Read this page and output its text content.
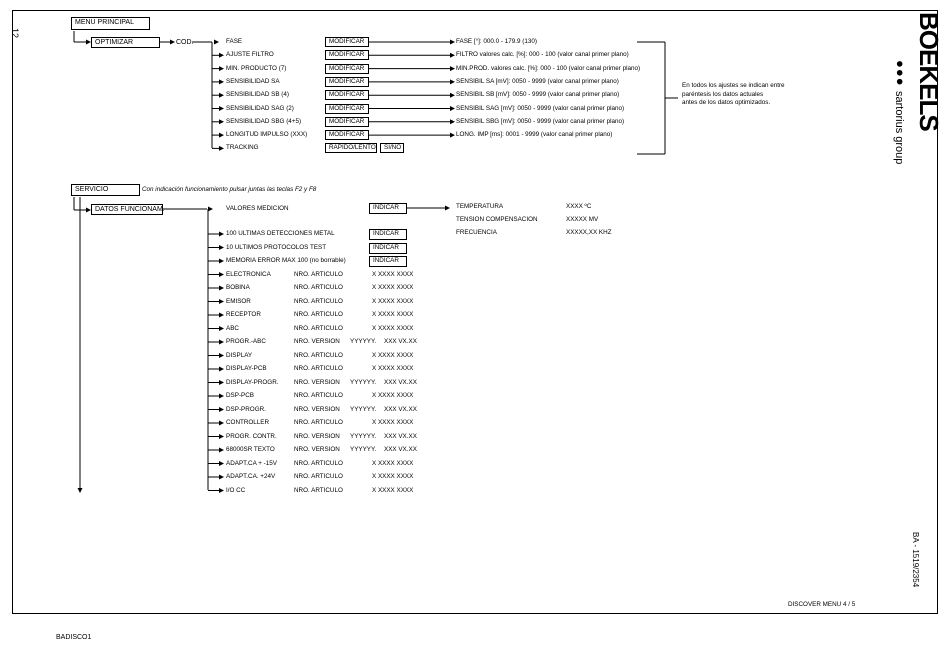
12	BOEKELS
●●● sartorius group
BA - 1519/2354
DISCOVER MENU 4 / 5
BADISCO1
MENU PRINCIPAL
OPTIMIZAR	COD.	FASE	MODIFICAR	FASE [°]: 000.0 - 179.9 (130)
AJUSTE FILTRO	MODIFICAR	FILTRO valores calc. [%]: 000 - 100 (valor canal primer plano)
MIN. PRODUCTO (7)	MODIFICAR	MIN.PROD. valores calc. [%]: 000 - 100 (valor canal primer plano)
SENSIBILIDAD SA	MODIFICAR	SENSIBIL SA [mV]: 0050 - 9999 (valor canal primer plano)
SENSIBILIDAD SB (4)	MODIFICAR	SENSIBIL SB [mV]: 0050 - 9999 (valor canal primer plano)
SENSIBILIDAD SAG (2)	MODIFICAR	SENSIBIL SAG [mV]: 0050 - 9999 (valor canal primer plano)
SENSIBILIDAD SBG (4+5)	MODIFICAR	SENSIBIL SBG [mV]: 0050 - 9999 (valor canal primer plano)
LONGITUD IMPULSO (XXX)	MODIFICAR	LONG. IMP [ms]: 0001 - 9999 (valor canal primer plano)
TRACKING	RAPIDO/LENTO	SI/NO
En todos los ajustes se indican entre
paréntesis los datos actuales
antes de los datos optimizados.
SERVICIO	Con indicación funcionamiento pulsar juntas las teclas F2 y F8
DATOS FUNCIONAM.	VALORES MEDICION	INDICAR	TEMPERATURA	XXXX ºC
TENSION COMPENSACION	XXXXX MV
FRECUENCIA	XXXXX,XX KHZ
100 ULTIMAS DETECCIONES METAL	INDICAR
10 ULTIMOS PROTOCOLOS TEST	INDICAR
MEMORIA ERROR MAX 100 (no borrable)	INDICAR
ELECTRONICA	NRO. ARTICULO	X XXXX XXXX
BOBINA	NRO. ARTICULO	X XXXX XXXX
EMISOR	NRO. ARTICULO	X XXXX XXXX
RECEPTOR	NRO. ARTICULO	X XXXX XXXX
ABC	NRO. ARTICULO	X XXXX XXXX
PROGR.-ABC	NRO. VERSION YYYYYY. XXX VX.XX
DISPLAY	NRO. ARTICULO	X XXXX XXXX
DISPLAY-PCB	NRO. ARTICULO	X XXXX XXXX
DISPLAY-PROGR. NRO. VERSION YYYYYY. XXX VX.XX
DSP-PCB	NRO. ARTICULO	X XXXX XXXX
DSP-PROGR.	NRO. VERSION YYYYYY. XXX VX.XX
CONTROLLER	NRO. ARTICULO	X XXXX XXXX
PROGR. CONTR.	NRO. VERSION YYYYYY. XXX VX.XX
68000SR TEXTO	NRO. VERSION YYYYYY. XXX VX.XX
ADAPT.CA + -15V	NRO. ARTICULO	X XXXX XXXX
ADAPT.CA. +24V	NRO. ARTICULO	X XXXX XXXX
I/O CC	NRO. ARTICULO	X XXXX XXXX
